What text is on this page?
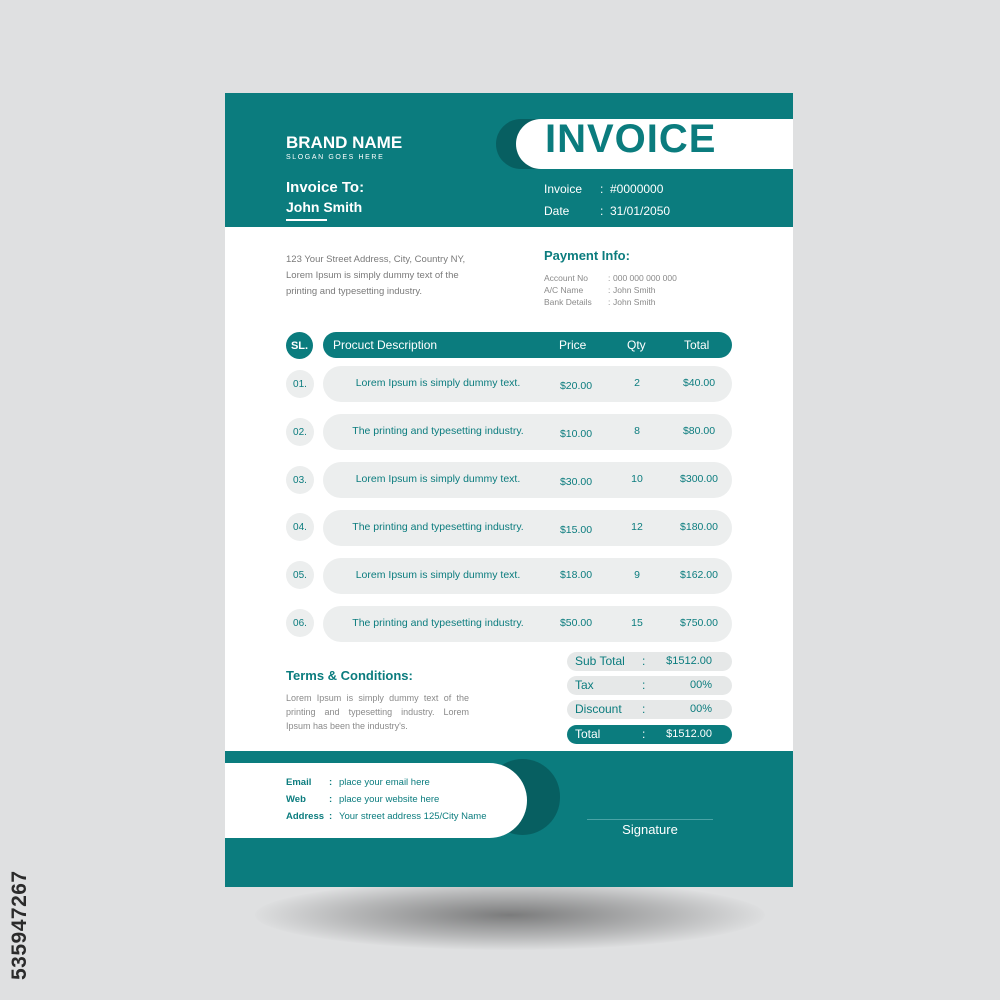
535947267
BRAND NAME
SLOGAN GOES HERE
Invoice To:
John Smith
INVOICE
Invoice : #0000000
Date	: 31/01/2050
123 Your Street Address, City, Country NY, Lorem Ipsum is simply dummy text of the printing and typesetting industry.
Payment Info:
Account No : 000 000 000 000
A/C Name	: John Smith
Bank Details : John Smith
SL.	Procuct Description	Price	Qty	Total
01.	Lorem Ipsum is simply dummy text.	$20.00	2	$40.00
02.	The printing and typesetting industry.	$10.00	8	$80.00
03.	Lorem Ipsum is simply dummy text.	$30.00	10	$300.00
04.	The printing and typesetting industry.	$15.00	12	$180.00
05.	Lorem Ipsum is simply dummy text.	$18.00	9	$162.00
06.	The printing and typesetting industry.	$50.00	15	$750.00
Terms & Conditions:
Lorem Ipsum is simply dummy text of the printing and typesetting industry. Lorem Ipsum has been the industry's.
Sub Total : $1512.00
Tax	:	00%
Discount :	00%
Total	: $1512.00
Email : place your email here
Web : place your website here
Address : Your street address 125/City Name
Signature
